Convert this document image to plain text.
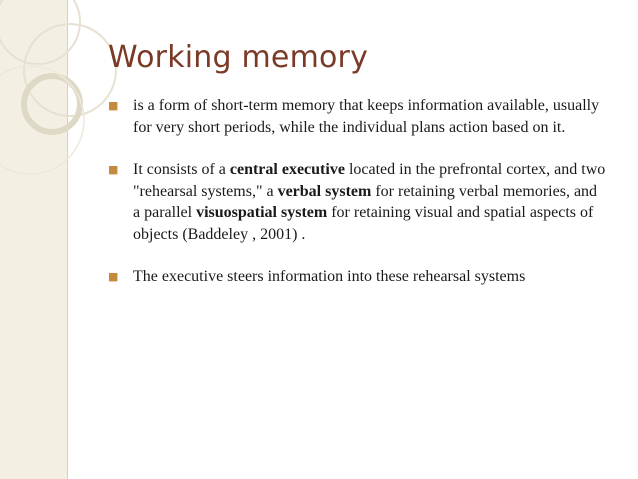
Working memory
■ is a form of short-term memory that keeps information available, usually for very short periods, while the individual plans action based on it.
■ It consists of a central executive located in the prefrontal cortex, and two "rehearsal systems," a verbal system for retaining verbal memories, and a parallel visuospatial system for retaining visual and spatial aspects of objects (Baddeley , 2001) .
■ The executive steers information into these rehearsal systems
